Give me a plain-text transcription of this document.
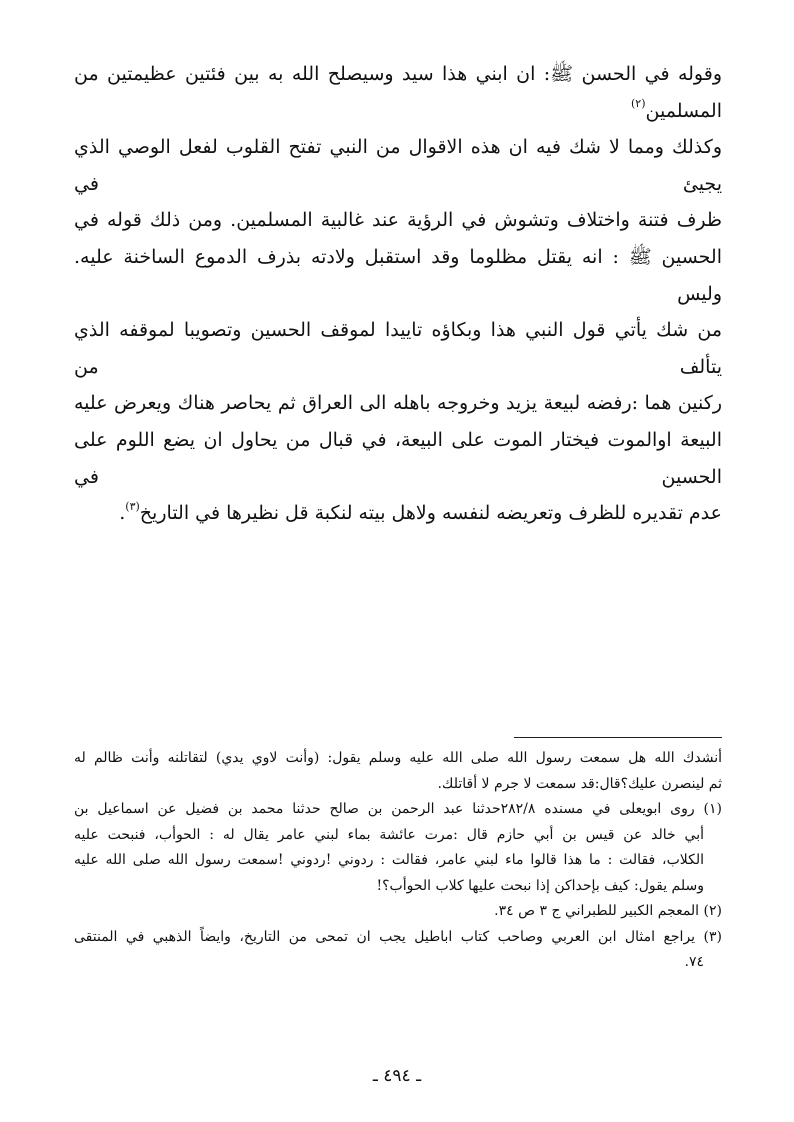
وقوله في الحسن ﷺ: ان ابني هذا سيد وسيصلح الله به بين فئتين عظيمتين من المسلمين$^{(٢)}$
وكذلك ومما لا شك فيه ان هذه الاقوال من النبي تفتح القلوب لفعل الوصي الذي يجيئ في
ظرف فتنة واختلاف وتشوش في الرؤية عند غالبية المسلمين. ومن ذلك قوله في
الحسين ﷺ : انه يقتل مظلوما وقد استقبل ولادته بذرف الدموع الساخنة عليه. وليس
من شك يأتي قول النبي هذا وبكاؤه تاييدا لموقف الحسين وتصويبا لموقفه الذي يتألف من
ركنين هما :رفضه لبيعة يزيد وخروجه باهله الى العراق ثم يحاصر هناك ويعرض عليه
البيعة اوالموت فيختار الموت على البيعة، في قبال من يحاول ان يضع اللوم على الحسين في
عدم تقديره للظرف وتعريضه لنفسه ولاهل بيته لنكبة قل نظيرها في التاريخ$^{(٣)}$.
أنشدك الله هل سمعت رسول الله صلى الله عليه وسلم يقول: (وأنت لاوي يدي) لتقاتلنه وأنت ظالم له
ثم لينصرن عليك؟قال:قد سمعت لا جرم لا أقاتلك.
(١) روى ابويعلى في مسنده ٢٨٢/٨حدثنا عبد الرحمن بن صالح حدثنا محمد بن فضيل عن اسماعيل بن
أبي خالد عن قيس بن أبي حازم قال :مرت عائشة بماء لبني عامر يقال له : الحوأب، فنبحت عليه
الكلاب، فقالت : ما هذا قالوا ماء لبني عامر، فقالت : ردوني !ردوني !سمعت رسول الله صلى الله عليه
وسلم يقول: كيف بإحداكن إذا نبحت عليها كلاب الحوأب؟!
(٢) المعجم الكبير للطبراني ج ٣ ص ٣٤.
(٣) يراجع امثال ابن العربي وصاحب كتاب اباطيل يجب ان تمحى من التاريخ، وايضاً الذهبي في المنتقى
٧٤.
ـ ٤٩٤ ـ
